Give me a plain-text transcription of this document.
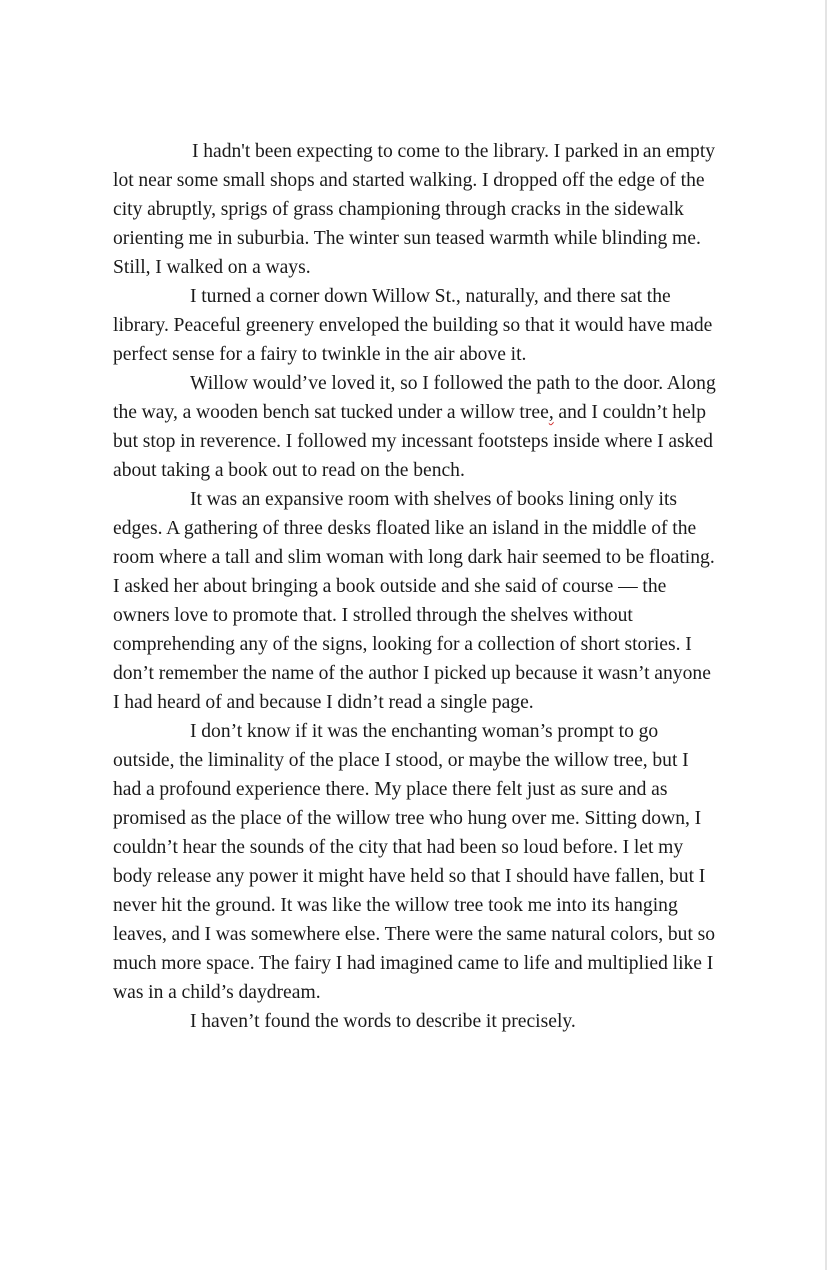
I hadn't been expecting to come to the library. I parked in an empty lot near some small shops and started walking. I dropped off the edge of the city abruptly, sprigs of grass championing through cracks in the sidewalk orienting me in suburbia. The winter sun teased warmth while blinding me. Still, I walked on a ways.

I turned a corner down Willow St., naturally, and there sat the library. Peaceful greenery enveloped the building so that it would have made perfect sense for a fairy to twinkle in the air above it.

Willow would’ve loved it, so I followed the path to the door. Along the way, a wooden bench sat tucked under a willow tree, and I couldn’t help but stop in reverence. I followed my incessant footsteps inside where I asked about taking a book out to read on the bench.

It was an expansive room with shelves of books lining only its edges. A gathering of three desks floated like an island in the middle of the room where a tall and slim woman with long dark hair seemed to be floating. I asked her about bringing a book outside and she said of course — the owners love to promote that. I strolled through the shelves without comprehending any of the signs, looking for a collection of short stories. I don’t remember the name of the author I picked up because it wasn’t anyone I had heard of and because I didn’t read a single page.

I don’t know if it was the enchanting woman’s prompt to go outside, the liminality of the place I stood, or maybe the willow tree, but I had a profound experience there. My place there felt just as sure and as promised as the place of the willow tree who hung over me. Sitting down, I couldn’t hear the sounds of the city that had been so loud before. I let my body release any power it might have held so that I should have fallen, but I never hit the ground. It was like the willow tree took me into its hanging leaves, and I was somewhere else. There were the same natural colors, but so much more space. The fairy I had imagined came to life and multiplied like I was in a child’s daydream.

I haven’t found the words to describe it precisely.
